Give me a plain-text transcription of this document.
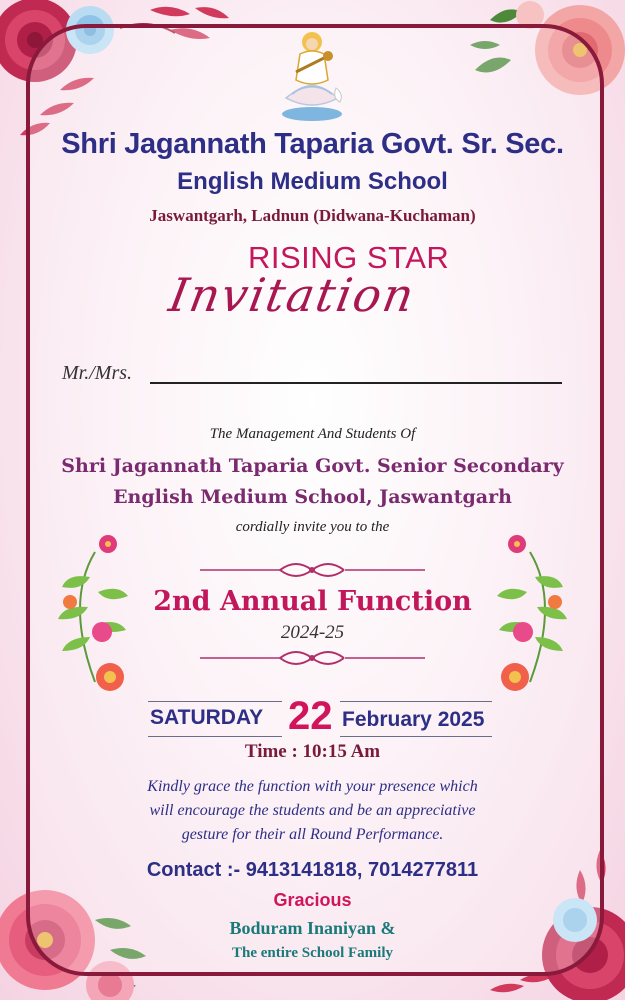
Shri Jagannath Taparia Govt. Sr. Sec.
English Medium School
Jaswantgarh, Ladnun (Didwana-Kuchaman)
RISING STAR
Invitation
Mr./Mrs.
The Management And Students Of
Shri Jagannath Taparia Govt. Senior Secondary
English Medium School, Jaswantgarh
cordially invite you to the
2nd Annual Function
2024-25
SATURDAY 22 February 2025
Time : 10:15 Am
Kindly grace the function with your presence which
will encourage the students and be an appreciative
gesture for their all Round Performance.
Contact :- 9413141818, 7014277811
Gracious
Boduram Inaniyan &
The entire School Family
